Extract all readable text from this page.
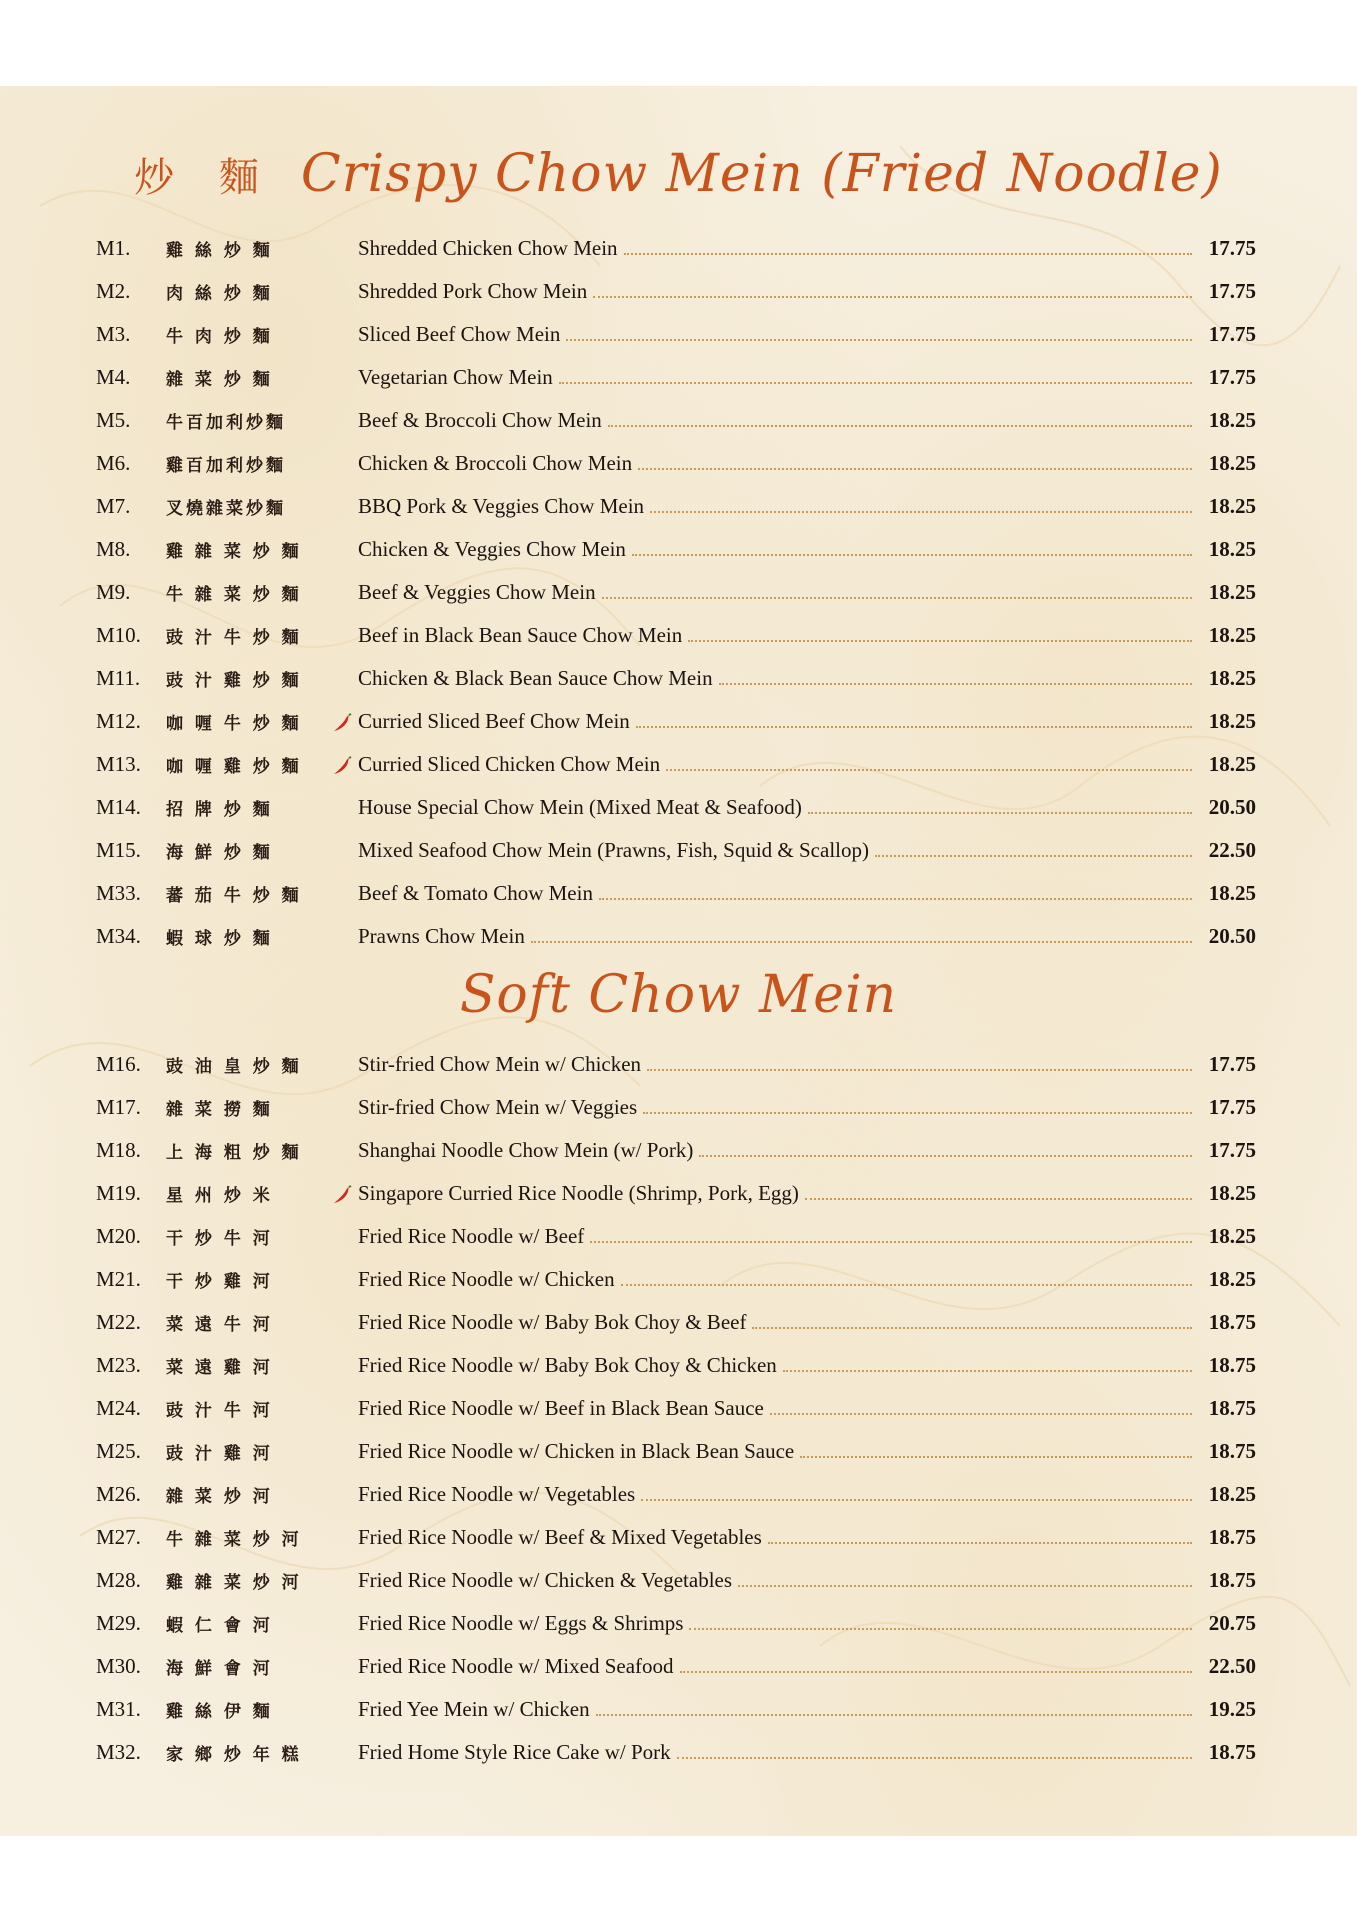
炒 麵 Crispy Chow Mein (Fried Noodle)
M1.	雞 絲 炒 麵	Shredded Chicken Chow Mein	17.75
M2.	肉 絲 炒 麵	Shredded Pork Chow Mein	17.75
M3.	牛 肉 炒 麵	Sliced Beef Chow Mein	17.75
M4.	雜 菜 炒 麵	Vegetarian Chow Mein	17.75
M5.	牛百加利炒麵	Beef & Broccoli Chow Mein	18.25
M6.	雞百加利炒麵	Chicken & Broccoli Chow Mein	18.25
M7.	叉燒雜菜炒麵	BBQ Pork & Veggies Chow Mein	18.25
M8.	雞 雜 菜 炒 麵	Chicken & Veggies Chow Mein	18.25
M9.	牛 雜 菜 炒 麵	Beef & Veggies Chow Mein	18.25
M10.	豉 汁 牛 炒 麵	Beef in Black Bean Sauce Chow Mein	18.25
M11.	豉 汁 雞 炒 麵	Chicken & Black Bean Sauce Chow Mein	18.25
M12.	咖 喱 牛 炒 麵	Curried Sliced Beef Chow Mein	18.25
M13.	咖 喱 雞 炒 麵	Curried Sliced Chicken Chow Mein	18.25
M14.	招 牌 炒 麵	House Special Chow Mein (Mixed Meat & Seafood)	20.50
M15.	海 鮮 炒 麵	Mixed Seafood Chow Mein (Prawns, Fish, Squid & Scallop)	22.50
M33.	蕃 茄 牛 炒 麵	Beef & Tomato Chow Mein	18.25
M34.	蝦 球 炒 麵	Prawns Chow Mein	20.50
Soft Chow Mein
M16.	豉 油 皇 炒 麵	Stir-fried Chow Mein w/ Chicken	17.75
M17.	雜 菜 撈 麵	Stir-fried Chow Mein w/ Veggies	17.75
M18.	上 海 粗 炒 麵	Shanghai Noodle Chow Mein (w/ Pork)	17.75
M19.	星 州 炒 米	Singapore Curried Rice Noodle (Shrimp, Pork, Egg)	18.25
M20.	干 炒 牛 河	Fried Rice Noodle w/ Beef	18.25
M21.	干 炒 雞 河	Fried Rice Noodle w/ Chicken	18.25
M22.	菜 遠 牛 河	Fried Rice Noodle w/ Baby Bok Choy & Beef	18.75
M23.	菜 遠 雞 河	Fried Rice Noodle w/ Baby Bok Choy & Chicken	18.75
M24.	豉 汁 牛 河	Fried Rice Noodle w/ Beef in Black Bean Sauce	18.75
M25.	豉 汁 雞 河	Fried Rice Noodle w/ Chicken in Black Bean Sauce	18.75
M26.	雜 菜 炒 河	Fried Rice Noodle w/ Vegetables	18.25
M27.	牛 雜 菜 炒 河	Fried Rice Noodle w/ Beef & Mixed Vegetables	18.75
M28.	雞 雜 菜 炒 河	Fried Rice Noodle w/ Chicken & Vegetables	18.75
M29.	蝦 仁 會 河	Fried Rice Noodle w/ Eggs & Shrimps	20.75
M30.	海 鮮 會 河	Fried Rice Noodle w/ Mixed Seafood	22.50
M31.	雞 絲 伊 麵	Fried Yee Mein w/ Chicken	19.25
M32.	家 鄉 炒 年 糕	Fried Home Style Rice Cake w/ Pork	18.75
